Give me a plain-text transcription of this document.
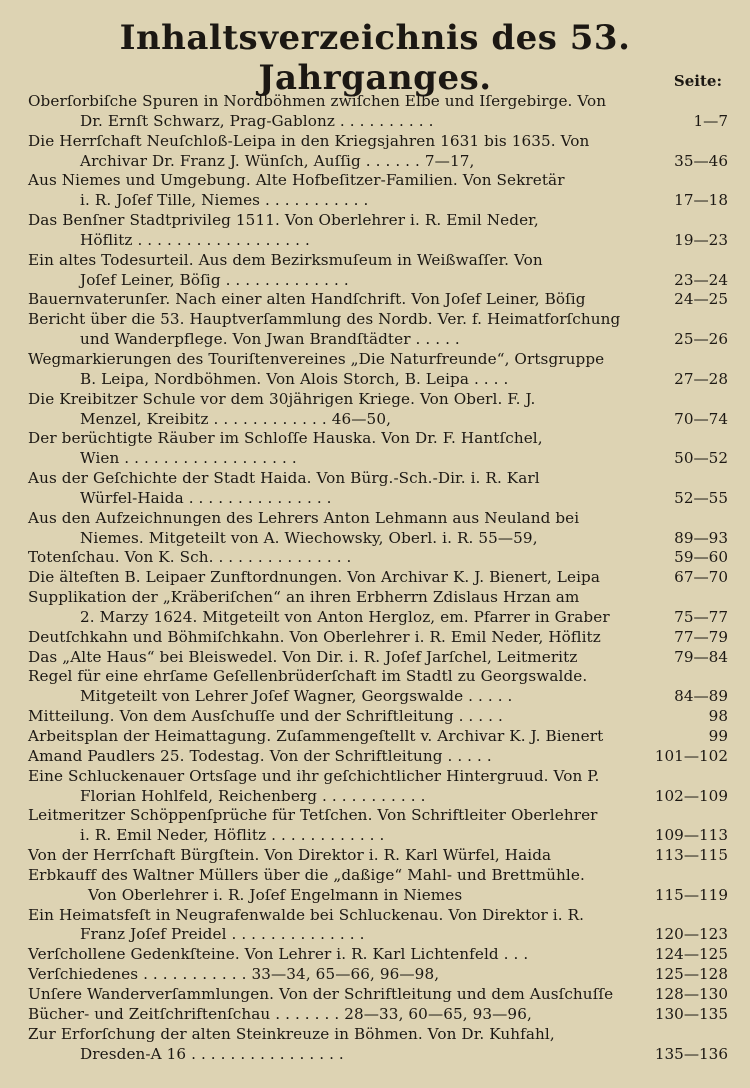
Inhaltsverzeichnis des 53. Jahrganges.	Seite:
Oberſorbiſche Spuren in Nordböhmen zwiſchen Elbe und Iſergebirge. Von
Dr. Ernſt Schwarz, Prag-Gablonz . . . . . . . . . .	1—7
Die Herrſchaft Neuſchloß-Leipa in den Kriegsjahren 1631 bis 1635. Von
Archivar Dr. Franz J. Wünſch, Auſſig . . . . . . 7—17,	35—46
Aus Niemes und Umgebung. Alte Hofbeſitzer-Familien. Von Sekretär
i. R. Joſef Tille, Niemes . . . . . . . . . . .	17—18
Das Benſner Stadtprivileg 1511. Von Oberlehrer i. R. Emil Neder,
Höflitz . . . . . . . . . . . . . . . . . .	19—23
Ein altes Todesurteil. Aus dem Bezirksmuſeum in Weißwaſſer. Von
Joſef Leiner, Böſig . . . . . . . . . . . . .	23—24
Bauernvaterunſer. Nach einer alten Handſchrift. Von Joſef Leiner, Böſig	24—25
Bericht über die 53. Hauptverſammlung des Nordb. Ver. f. Heimatforſchung
und Wanderpflege. Von Jwan Brandſtädter . . . . .	25—26
Wegmarkierungen des Touriſtenvereines „Die Naturfreunde“, Ortsgruppe
B. Leipa, Nordböhmen. Von Alois Storch, B. Leipa . . . .	27—28
Die Kreibitzer Schule vor dem 30jährigen Kriege. Von Oberl. F. J.
Menzel, Kreibitz . . . . . . . . . . . . 46—50,	70—74
Der berüchtigte Räuber im Schloſſe Hauska. Von Dr. F. Hantſchel,
Wien . . . . . . . . . . . . . . . . . .	50—52
Aus der Geſchichte der Stadt Haida. Von Bürg.-Sch.-Dir. i. R. Karl
Würfel-Haida . . . . . . . . . . . . . . .	52—55
Aus den Aufzeichnungen des Lehrers Anton Lehmann aus Neuland bei
Niemes. Mitgeteilt von A. Wiechowsky, Oberl. i. R. 55—59,	89—93
Totenſchau. Von K. Sch. . . . . . . . . . . . . . .	59—60
Die älteſten B. Leipaer Zunftordnungen. Von Archivar K. J. Bienert, Leipa	67—70
Supplikation der „Kräberiſchen“ an ihren Erbherrn Zdislaus Hrzan am
2. Marzy 1624. Mitgeteilt von Anton Hergloz, em. Pfarrer in Graber	75—77
Deutſchkahn und Böhmiſchkahn. Von Oberlehrer i. R. Emil Neder, Höflitz	77—79
Das „Alte Haus“ bei Bleiswedel. Von Dir. i. R. Joſef Jarſchel, Leitmeritz	79—84
Regel für eine ehrſame Geſellenbrüderſchaft im Stadtl zu Georgswalde.
Mitgeteilt von Lehrer Joſef Wagner, Georgswalde . . . . .	84—89
Mitteilung. Von dem Ausſchuſſe und der Schriftleitung . . . . .	98
Arbeitsplan der Heimattagung. Zuſammengeſtellt v. Archivar K. J. Bienert	99
Amand Paudlers 25. Todestag. Von der Schriftleitung . . . . .	101—102
Eine Schluckenauer Ortsſage und ihr geſchichtlicher Hintergruud. Von P.
Florian Hohlfeld, Reichenberg . . . . . . . . . . .	102—109
Leitmeritzer Schöppenſprüche für Tetſchen. Von Schriftleiter Oberlehrer
i. R. Emil Neder, Höflitz . . . . . . . . . . . .	109—113
Von der Herrſchaft Bürgſtein. Von Direktor i. R. Karl Würfel, Haida	113—115
Erbkauff des Waltner Müllers über die „daßige“ Mahl- und Brettmühle.
Von Oberlehrer i. R. Joſef Engelmann in Niemes	115—119
Ein Heimatsfeſt in Neugrafenwalde bei Schluckenau. Von Direktor i. R.
Franz Joſef Preidel . . . . . . . . . . . . . .	120—123
Verſchollene Gedenkſteine. Von Lehrer i. R. Karl Lichtenfeld . . .	124—125
Verſchiedenes . . . . . . . . . . . 33—34, 65—66, 96—98,	125—128
Unſere Wanderverſammlungen. Von der Schriftleitung und dem Ausſchuſſe	128—130
Bücher- und Zeitſchriftenſchau . . . . . . . 28—33, 60—65, 93—96,	130—135
Zur Erforſchung der alten Steinkreuze in Böhmen. Von Dr. Kuhfahl,
Dresden-A 16 . . . . . . . . . . . . . . . .	135—136
